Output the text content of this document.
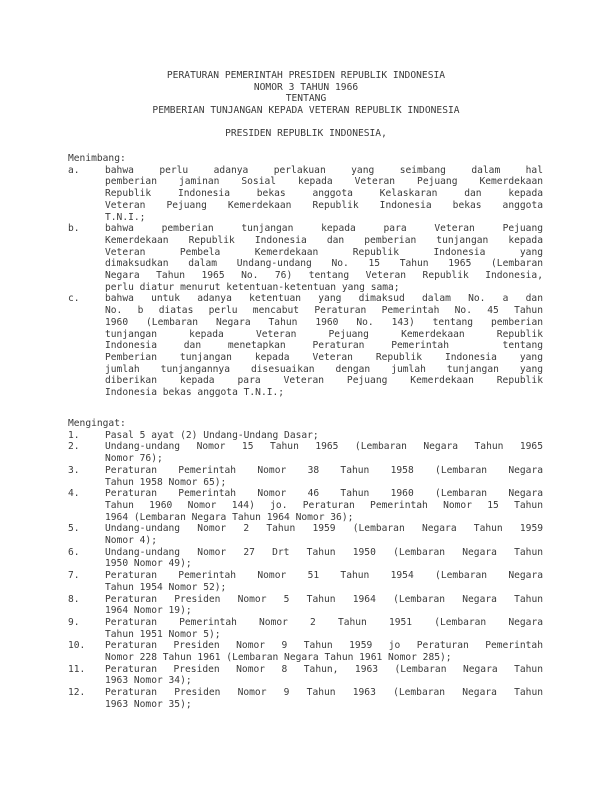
PERATURAN PEMERINTAH PRESIDEN REPUBLIK INDONESIA
NOMOR 3 TAHUN 1966
TENTANG
PEMBERIAN TUNJANGAN KEPADA VETERAN REPUBLIK INDONESIA
PRESIDEN REPUBLIK INDONESIA,
Menimbang:
a.	bahwa perlu adanya perlakuan yang seimbang dalam hal
pemberian jaminan Sosial kepada Veteran Pejuang Kemerdekaan
Republik Indonesia bekas anggota Kelaskaran dan kepada
Veteran Pejuang Kemerdekaan Republik Indonesia bekas anggota
T.N.I.;
b.	bahwa pemberian tunjangan kepada para Veteran Pejuang
Kemerdekaan Republik Indonesia dan pemberian tunjangan kepada
Veteran Pembela Kemerdekaan Republik Indonesia yang
dimaksudkan dalam Undang-undang No. 15 Tahun 1965 (Lembaran
Negara Tahun 1965 No. 76) tentang Veteran Republik Indonesia,
perlu diatur menurut ketentuan-ketentuan yang sama;
c.	bahwa untuk adanya ketentuan yang dimaksud dalam No. a dan
No. b diatas perlu mencabut Peraturan Pemerintah No. 45 Tahun
1960 (Lembaran Negara Tahun 1960 No. 143) tentang pemberian
tunjangan kepada Veteran Pejuang Kemerdekaan Republik
Indonesia dan menetapkan Peraturan Pemerintah  tentang
Pemberian tunjangan kepada Veteran Republik Indonesia yang
jumlah tunjangannya disesuaikan dengan jumlah tunjangan yang
diberikan kepada para Veteran Pejuang Kemerdekaan Republik
Indonesia bekas anggota T.N.I.;
Mengingat:
1.	Pasal 5 ayat (2) Undang-Undang Dasar;
2.	Undang-undang Nomor 15 Tahun 1965 (Lembaran Negara Tahun 1965
Nomor 76);
3.	Peraturan Pemerintah Nomor 38 Tahun 1958 (Lembaran Negara
Tahun 1958 Nomor 65);
4.	Peraturan Pemerintah Nomor 46 Tahun 1960 (Lembaran Negara
Tahun 1960 Nomor 144) jo. Peraturan Pemerintah Nomor 15 Tahun
1964 (Lembaran Negara Tahun 1964 Nomor 36);
5.	Undang-undang Nomor 2 Tahun 1959 (Lembaran Negara Tahun 1959
Nomor 4);
6.	Undang-undang Nomor 27 Drt Tahun 1950 (Lembaran Negara Tahun
1950 Nomor 49);
7.	Peraturan Pemerintah Nomor 51 Tahun 1954 (Lembaran Negara
Tahun 1954 Nomor 52);
8.	Peraturan Presiden Nomor 5 Tahun 1964 (Lembaran Negara Tahun
1964 Nomor 19);
9.	Peraturan Pemerintah Nomor 2 Tahun 1951 (Lembaran Negara
Tahun 1951 Nomor 5);
10.	Peraturan Presiden Nomor 9 Tahun 1959 jo Peraturan Pemerintah
Nomor 228 Tahun 1961 (Lembaran Negara Tahun 1961 Nomor 285);
11.	Peraturan Presiden Nomor 8 Tahun, 1963 (Lembaran Negara Tahun
1963 Nomor 34);
12.	Peraturan Presiden Nomor 9 Tahun 1963 (Lembaran Negara Tahun
1963 Nomor 35);
